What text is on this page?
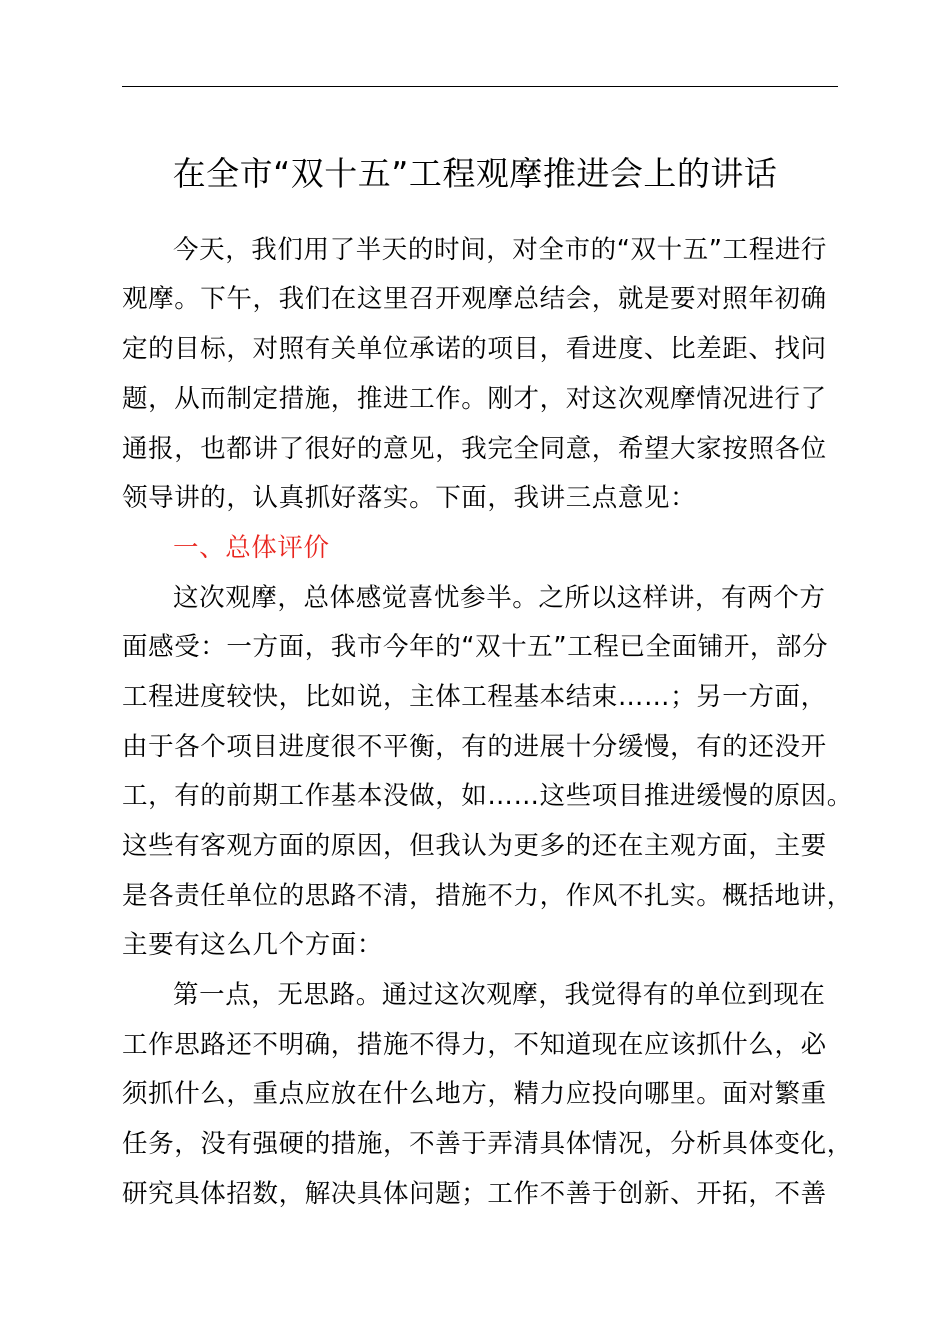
在全市“双十五”工程观摩推进会上的讲话
今天，我们用了半天的时间，对全市的“双十五”工程进行
观摩。下午，我们在这里召开观摩总结会，就是要对照年初确
定的目标，对照有关单位承诺的项目，看进度、比差距、找问
题，从而制定措施，推进工作。刚才，对这次观摩情况进行了
通报，也都讲了很好的意见，我完全同意，希望大家按照各位
领导讲的，认真抓好落实。下面，我讲三点意见：
一、总体评价
这次观摩，总体感觉喜忧参半。之所以这样讲，有两个方
面感受：一方面，我市今年的“双十五”工程已全面铺开，部分
工程进度较快，比如说，主体工程基本结束……；另一方面，
由于各个项目进度很不平衡，有的进展十分缓慢，有的还没开
工，有的前期工作基本没做，如……这些项目推进缓慢的原因。
这些有客观方面的原因，但我认为更多的还在主观方面，主要
是各责任单位的思路不清，措施不力，作风不扎实。概括地讲，
主要有这么几个方面：
第一点，无思路。通过这次观摩，我觉得有的单位到现在
工作思路还不明确，措施不得力，不知道现在应该抓什么，必
须抓什么，重点应放在什么地方，精力应投向哪里。面对繁重
任务，没有强硬的措施，不善于弄清具体情况，分析具体变化，
研究具体招数，解决具体问题；工作不善于创新、开拓，不善
